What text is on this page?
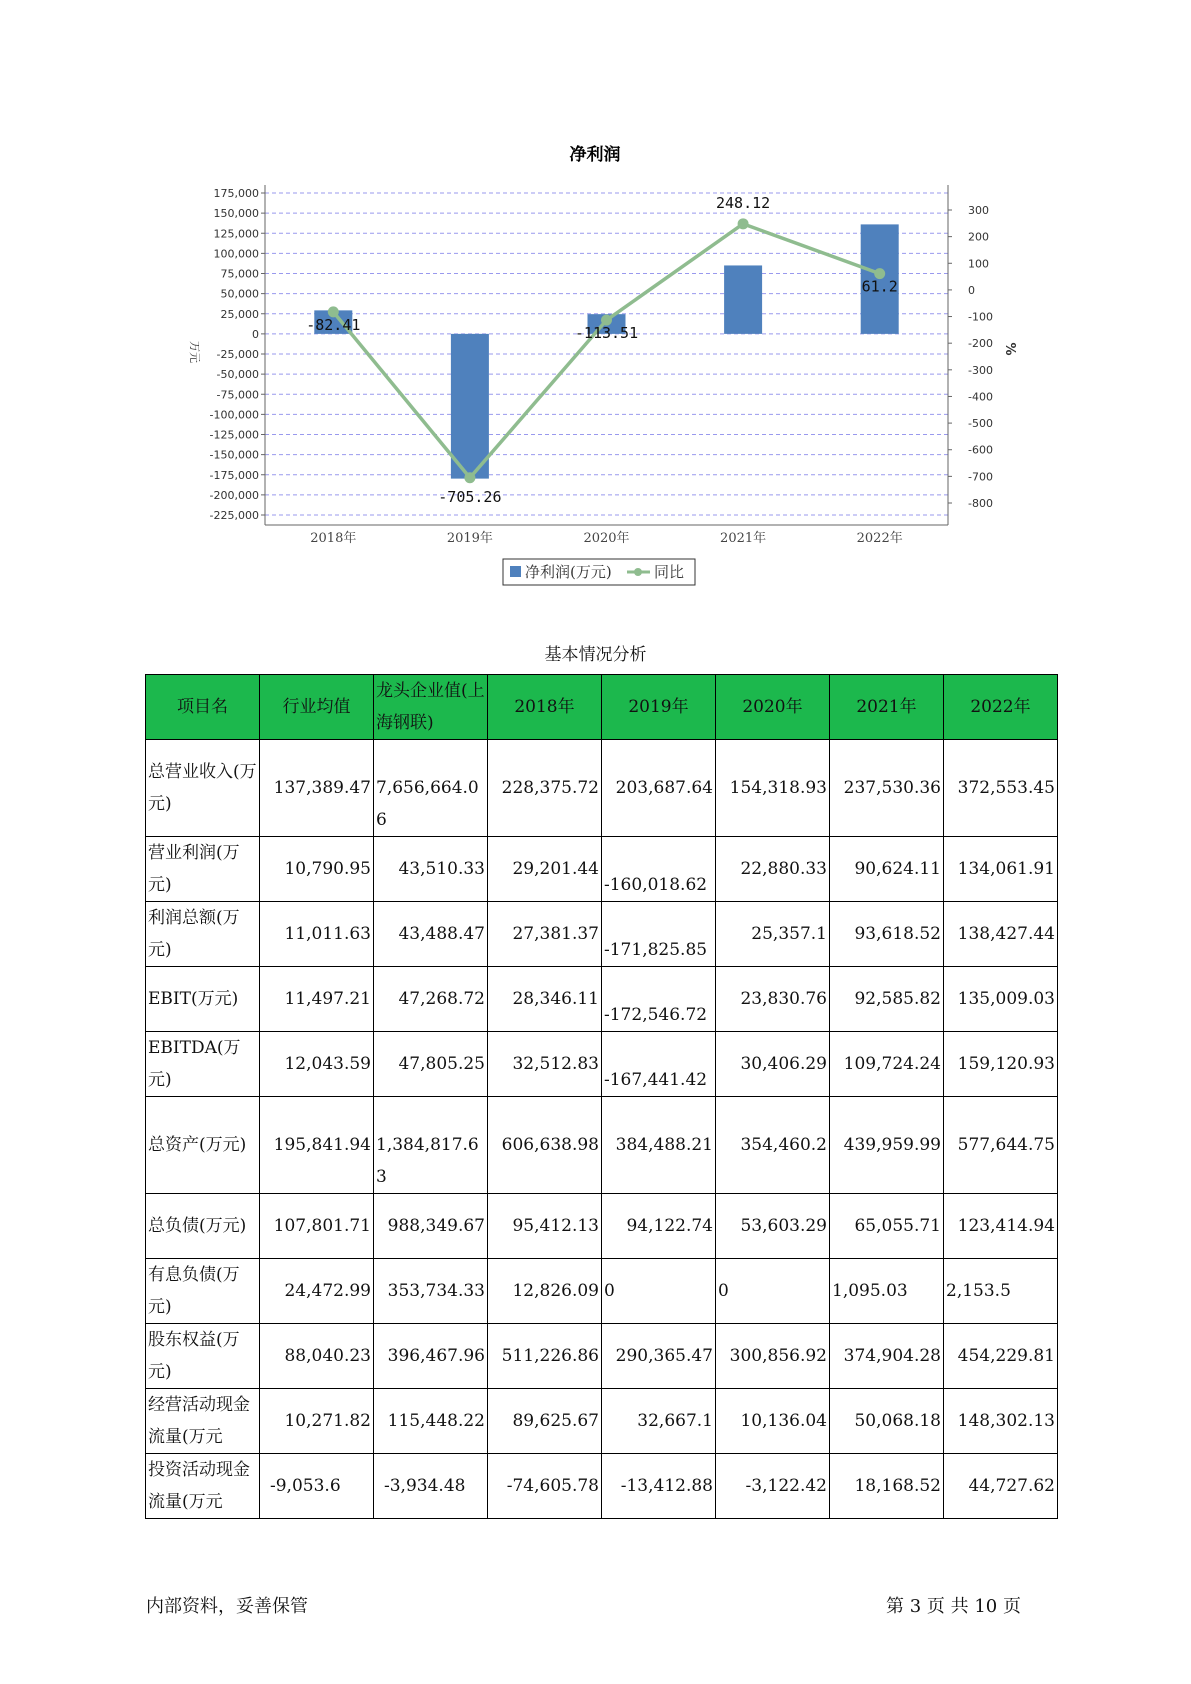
净利润
175,000
150,000
125,000
100,000
75,000
50,000
25,000
0
-25,000
-50,000
-75,000
-100,000
-125,000
-150,000
-175,000
-200,000
-225,000
300
200
100
0
-100
-200
-300
-400
-500
-600
-700
-800
2018年	2019年	2020年	2021年	2022年
-82.41
-705.26
-113.51
248.12
61.2
万元	%
净利润(万元)	同比
基本情况分析
项目名	行业均值	龙头企业值(上海钢联)	2018年	2019年	2020年	2021年	2022年
总营业收入(万元)	137,389.47	7,656,664.06	228,375.72	203,687.64	154,318.93	237,530.36	372,553.45
营业利润(万元)	10,790.95	43,510.33	29,201.44	-160,018.62	22,880.33	90,624.11	134,061.91
利润总额(万元)	11,011.63	43,488.47	27,381.37	-171,825.85	25,357.1	93,618.52	138,427.44
EBIT(万元)	11,497.21	47,268.72	28,346.11	-172,546.72	23,830.76	92,585.82	135,009.03
EBITDA(万元)	12,043.59	47,805.25	32,512.83	-167,441.42	30,406.29	109,724.24	159,120.93
总资产(万元)	195,841.94	1,384,817.63	606,638.98	384,488.21	354,460.2	439,959.99	577,644.75
总负债(万元)	107,801.71	988,349.67	95,412.13	94,122.74	53,603.29	65,055.71	123,414.94
有息负债(万元)	24,472.99	353,734.33	12,826.09	0	0	1,095.03	2,153.5
股东权益(万元)	88,040.23	396,467.96	511,226.86	290,365.47	300,856.92	374,904.28	454,229.81
经营活动现金流量(万元	10,271.82	115,448.22	89,625.67	32,667.1	10,136.04	50,068.18	148,302.13
投资活动现金流量(万元	-9,053.6	-3,934.48	-74,605.78	-13,412.88	-3,122.42	18,168.52	44,727.62
内部资料，妥善保管	第 3 页 共 10 页
